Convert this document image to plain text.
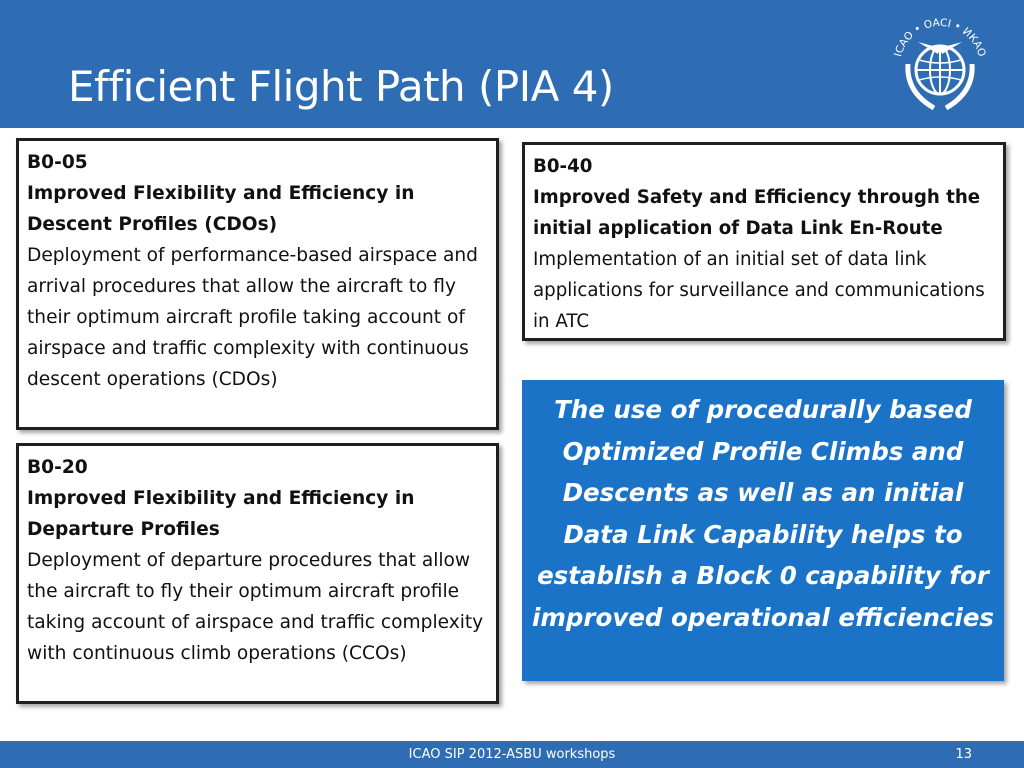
Efficient Flight Path (PIA 4)
ICAO • OACI • ИКАО
B0-05
Improved Flexibility and Efficiency in Descent Profiles (CDOs)
Deployment of performance-based airspace and arrival procedures that allow the aircraft to fly their optimum aircraft profile taking account of airspace and traffic complexity with continuous descent operations (CDOs)
B0-20
Improved Flexibility and Efficiency in Departure Profiles
Deployment of departure procedures that allow the aircraft to fly their optimum aircraft profile taking account of airspace and traffic complexity with continuous climb operations (CCOs)
B0-40
Improved Safety and Efficiency through the initial application of Data Link En-Route
Implementation of an initial set of data link applications for surveillance and communications in ATC
The use of procedurally based Optimized Profile Climbs and Descents as well as an initial Data Link Capability helps to establish a Block 0 capability for improved operational efficiencies
ICAO SIP 2012-ASBU workshops	13
